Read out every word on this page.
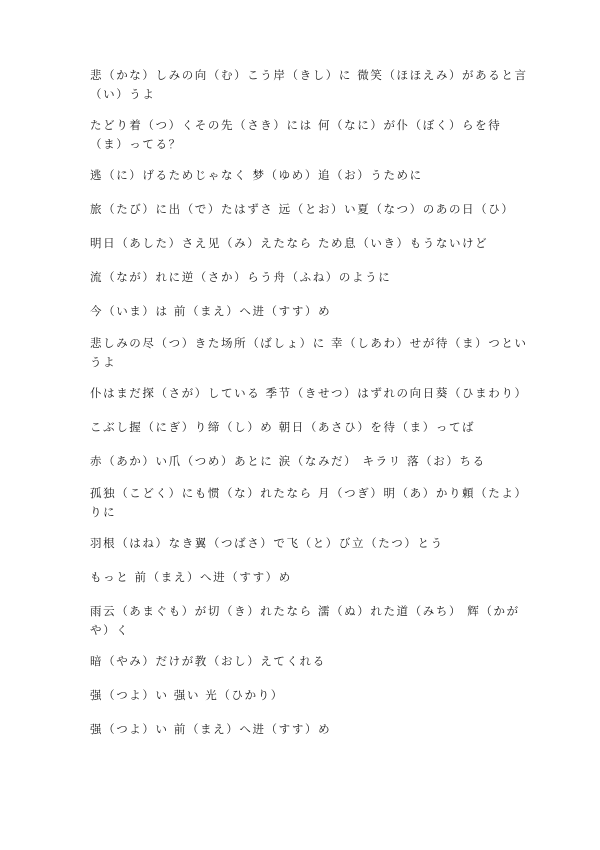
悲（かな）しみの向（む）こう岸（きし）に 微笑（ほほえみ）があると言（い）うよ
たどり着（つ）くその先（さき）には 何（なに）が仆（ぼく）らを待（ま）ってる？
逃（に）げるためじゃなく 梦（ゆめ）追（お）うために
旅（たび）に出（で）たはずさ 远（とお）い夏（なつ）のあの日（ひ）
明日（あした）さえ见（み）えたなら ため息（いき）もうないけど
流（なが）れに逆（さか）らう舟（ふね）のように
今（いま）は 前（まえ）へ进（すす）め
悲しみの尽（つ）きた场所（ばしょ）に 幸（しあわ）せが待（ま）つというよ
仆はまだ探（さが）している 季节（きせつ）はずれの向日葵（ひまわり）
こぶし握（にぎ）り缔（し）め 朝日（あさひ）を待（ま）ってば
赤（あか）い爪（つめ）あとに 涙（なみだ） キラリ 落（お）ちる
孤独（こどく）にも惯（な）れたなら 月（つぎ）明（あ）かり頼（たよ）りに
羽根（はね）なき翼（つばさ）で飞（と）び立（たつ）とう
もっと 前（まえ）へ进（すす）め
雨云（あまぐも）が切（き）れたなら 濡（ぬ）れた道（みち） 辉（かがや）く
暗（やみ）だけが教（おし）えてくれる
强（つよ）い 强い 光（ひかり）
强（つよ）い 前（まえ）へ进（すす）め
